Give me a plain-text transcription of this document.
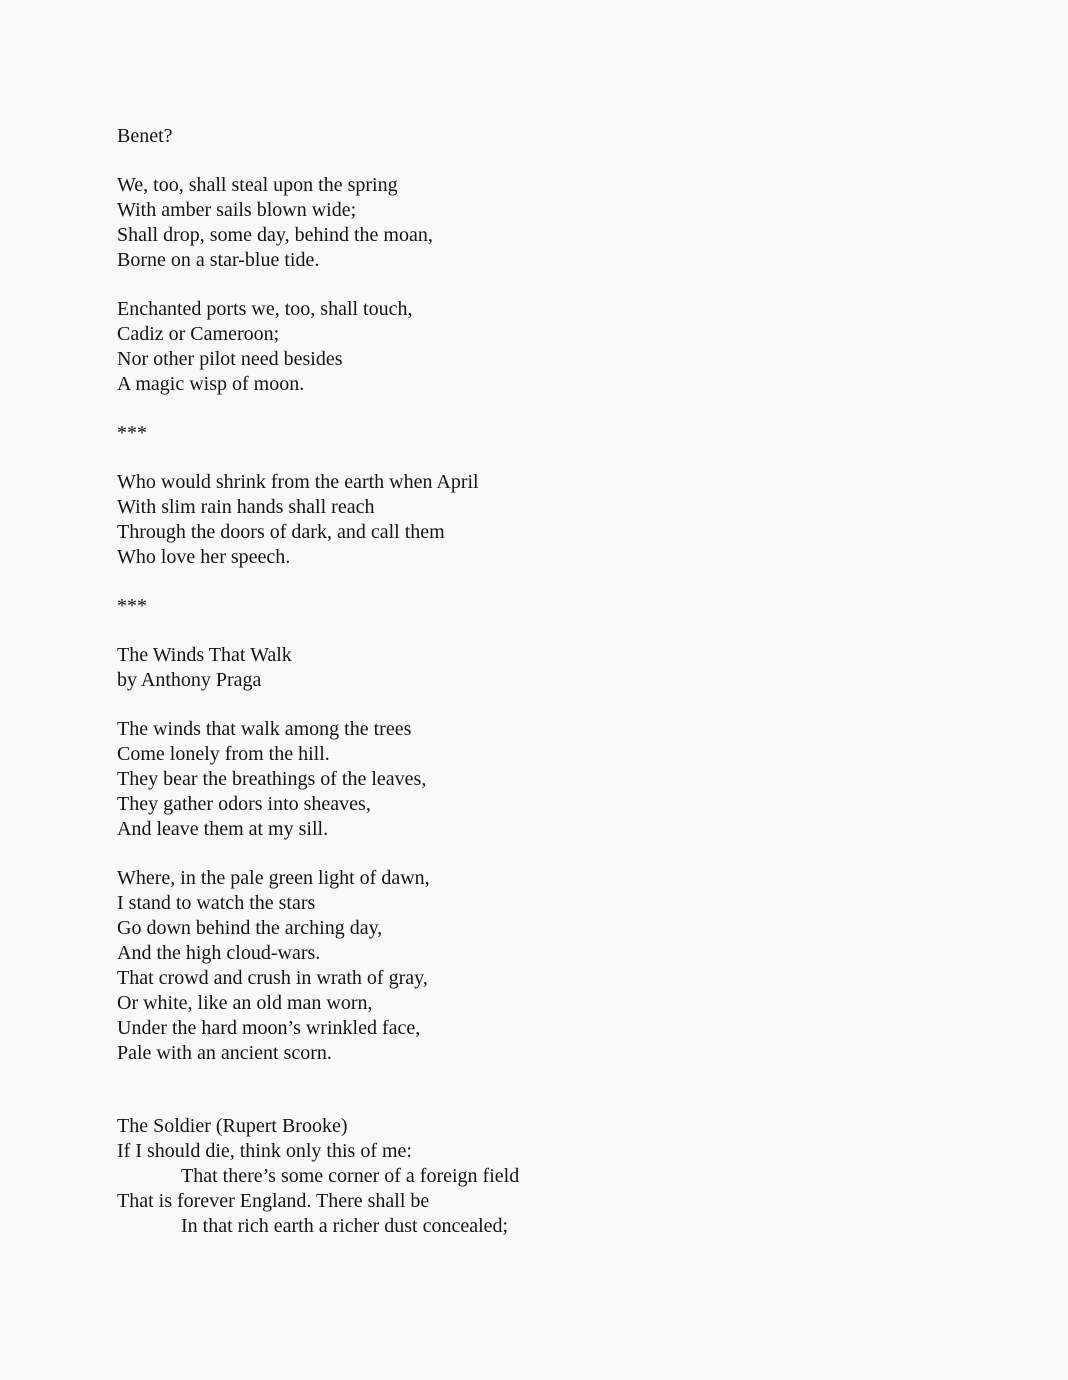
Benet?
We, too, shall steal upon the spring
With amber sails blown wide;
Shall drop, some day, behind the moan,
Borne on a star-blue tide.
Enchanted ports we, too, shall touch,
Cadiz or Cameroon;
Nor other pilot need besides
A magic wisp of moon.
***
Who would shrink from the earth when April
With slim rain hands shall reach
Through the doors of dark, and call them
Who love her speech.
***
The Winds That Walk
by Anthony Praga
The winds that walk among the trees
Come lonely from the hill.
They bear the breathings of the leaves,
They gather odors into sheaves,
And leave them at my sill.
Where, in the pale green light of dawn,
I stand to watch the stars
Go down behind the arching day,
And the high cloud-wars.
That crowd and crush in wrath of gray,
Or white, like an old man worn,
Under the hard moon’s wrinkled face,
Pale with an ancient scorn.
The Soldier (Rupert Brooke)
If I should die, think only this of me:
That there’s some corner of a foreign field
That is forever England. There shall be
In that rich earth a richer dust concealed;
